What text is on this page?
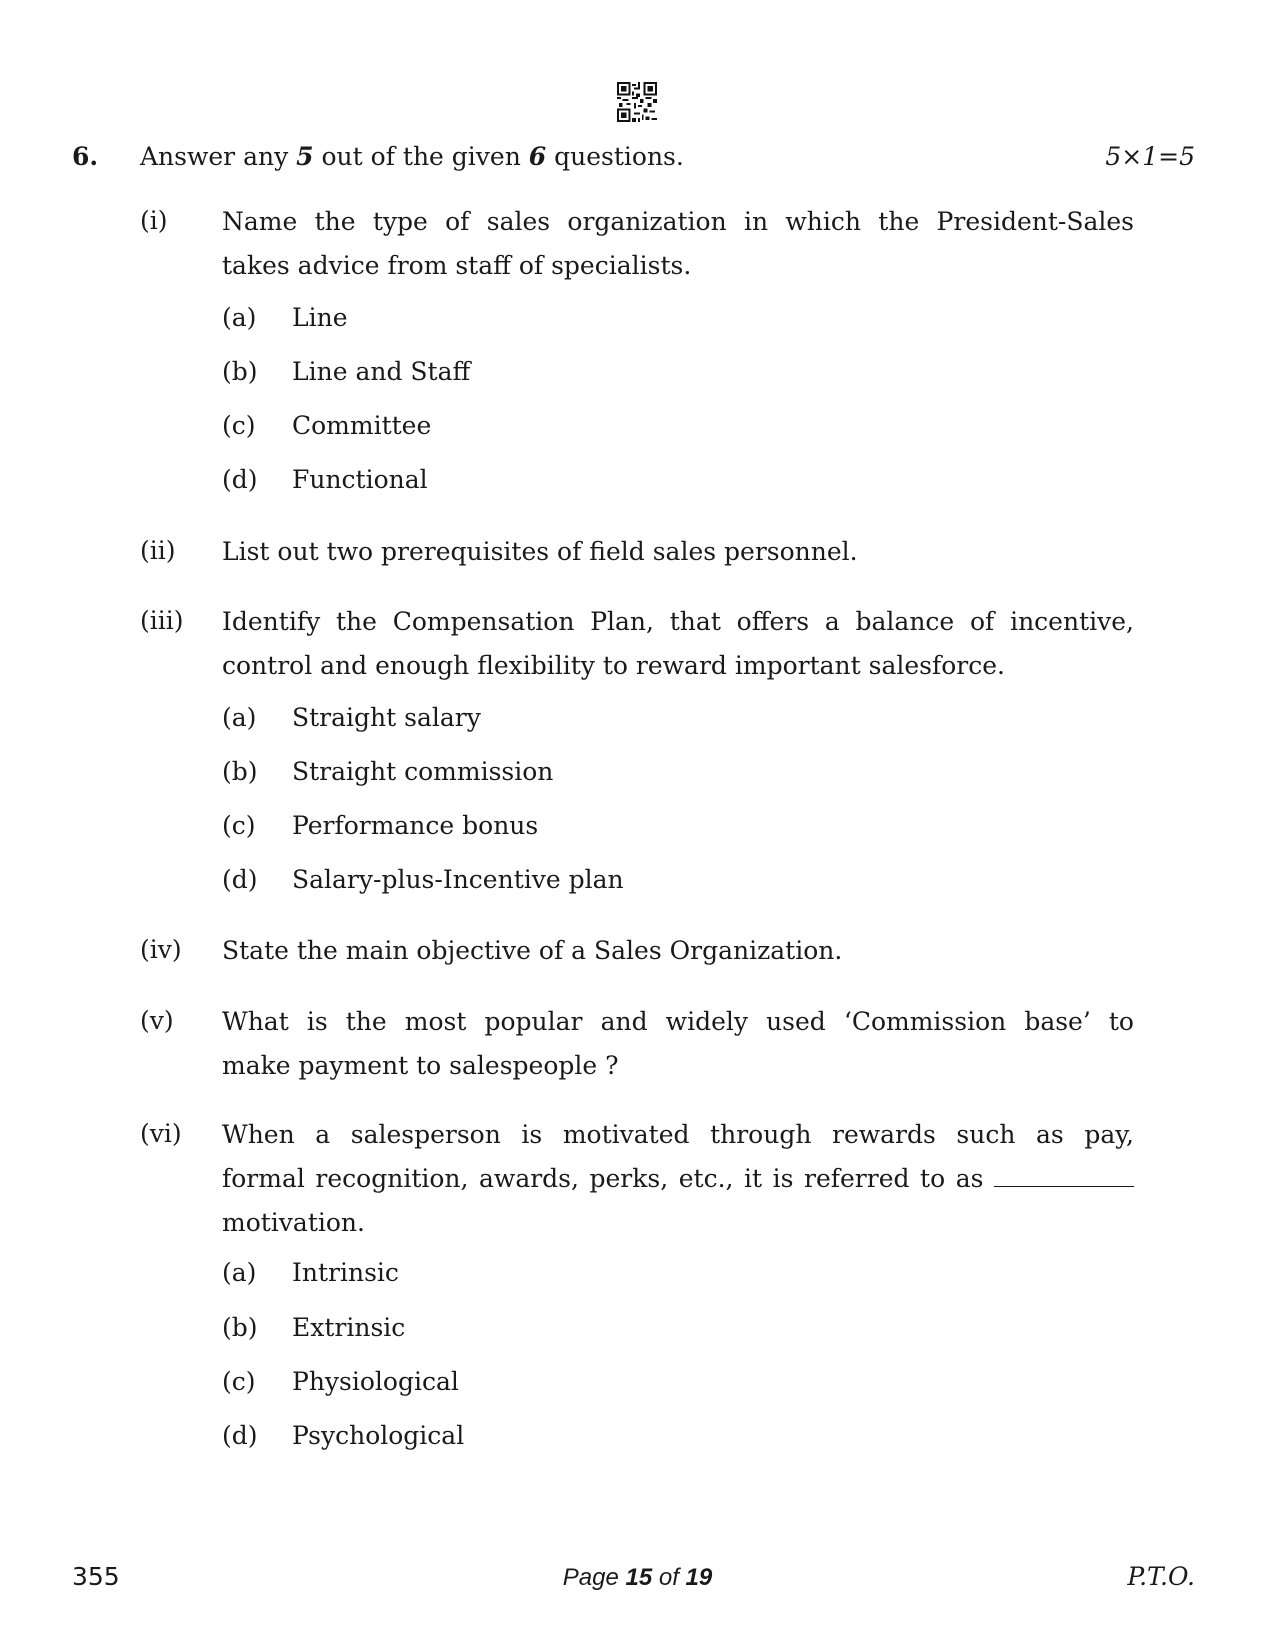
6. Answer any 5 out of the given 6 questions.	5×1=5
(i) Name the type of sales organization in which the President-Sales
takes advice from staff of specialists.
(a) Line
(b) Line and Staff
(c) Committee
(d) Functional
(ii) List out two prerequisites of field sales personnel.
(iii) Identify the Compensation Plan, that offers a balance of incentive,
control and enough flexibility to reward important salesforce.
(a) Straight salary
(b) Straight commission
(c) Performance bonus
(d) Salary-plus-Incentive plan
(iv) State the main objective of a Sales Organization.
(v) What is the most popular and widely used ‘Commission base’ to
make payment to salespeople ?
(vi) When a salesperson is motivated through rewards such as pay,
formal recognition, awards, perks, etc., it is referred to as
motivation.
(a) Intrinsic
(b) Extrinsic
(c) Physiological
(d) Psychological
355	Page 15 of 19	P.T.O.
